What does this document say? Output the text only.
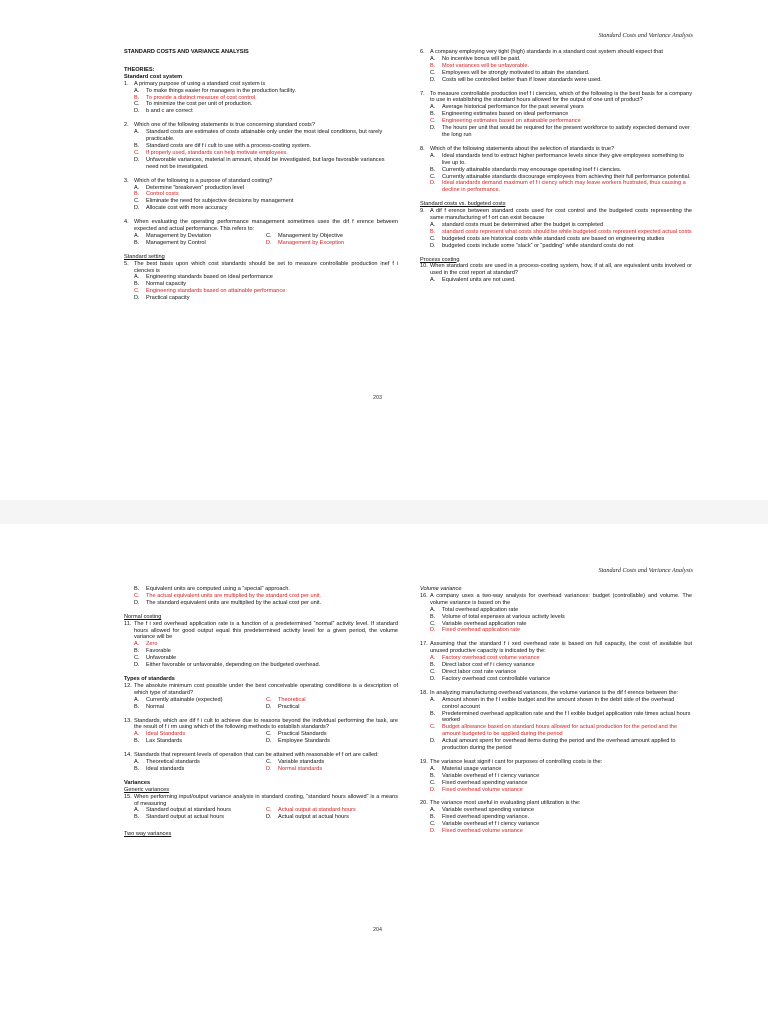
Standard Costs and Variance Analysis
STANDARD COSTS AND VARIANCE ANALYSIS
THEORIES:
Standard cost system
1. A primary purpose of using a standard cost system is
A. To make things easier for managers in the production facility.
B. To provide a distinct measure of cost control.
C. To minimize the cost per unit of production.
D. b and c are correct
2. Which one of the following statements is true concerning standard costs?
A. Standard costs are estimates of costs attainable only under the most ideal conditions, but rarely practicable.
B. Standard costs are dif f i cult to use with a process-costing system.
C. If properly used, standards can help motivate employees.
D. Unfavorable variances, material in amount, should be investigated, but large favorable variances need not be investigated.
3. Which of the following is a purpose of standard costing?
A. Determine “breakeven” production level
B. Control costs
C. Eliminate the need for subjective decisions by management
D. Allocate cost with more accuracy
4. When evaluating the operating performance management sometimes uses the dif f erence between expected and actual performance. This refers to:
A. Management by Deviation	C. Management by Objective
B. Management by Control	D. Management by Exception
Standard setting
5. The best basis upon which cost standards should be set to measure controllable production inef f i ciencies is
A. Engineering standards based on ideal performance
B. Normal capacity
C. Engineering standards based on attainable performance
D. Practical capacity
6. A company employing very tight (high) standards in a standard cost system should expect that
A. No incentive bonus will be paid.
B. Most variances will be unfavorable.
C. Employees will be strongly motivated to attain the standard.
D. Costs will be controlled better than if lower standards were used.
7. To measure controllable production inef f i ciencies, which of the following is the best basis for a company to use in establishing the standard hours allowed for the output of one unit of product?
A. Average historical performance for the past several years
B. Engineering estimates based on ideal performance
C. Engineering estimates based on attainable performance
D. The hours per unit that would be required for the present workforce to satisfy expected demand over the long run
8. Which of the following statements about the selection of standards is true?
A. Ideal standards tend to extract higher performance levels since they give employees something to live up to.
B. Currently attainable standards may encourage operating inef f i ciencies.
C. Currently attainable standards discourage employees from achieving their full performance potential.
D. Ideal standards demand maximum ef f i ciency which may leave workers frustrated, thus causing a decline in performance.
Standard costs vs. budgeted costs
9. A dif f erence between standard costs used for cost control and the budgeted costs representing the same manufacturing ef f ort can exist because
A. standard costs must be determined after the budget is completed
B. standard costs represent what costs should be while budgeted costs represent expected actual costs
C. budgeted costs are historical costs while standard costs are based on engineering studies
D. budgeted costs include some “slack” or “padding” while standard costs do not
Process costing
10. When standard costs are used in a process-costing system, how, if at all, are equivalent units involved or used in the cost report at standard?
A. Equivalent units are not used.
203
Standard Costs and Variance Analysis
B. Equivalent units are computed using a “special” approach.
C. The actual equivalent units are multiplied by the standard cost per unit.
D. The standard equivalent units are multiplied by the actual cost per unit.
Normal costing
11. The f i xed overhead application rate is a function of a predetermined “normal” activity level. If standard hours allowed for good output equal this predetermined activity level for a given period, the volume variance will be
A. Zero
B. Favorable
C. Unfavorable
D. Either favorable or unfavorable, depending on the budgeted overhead.
Types of standards
12. The absolute minimum cost possible under the best conceivable operating conditions is a description of which type of standard?
A. Currently attainable (expected)	C. Theoretical
B. Normal	D. Practical
13. Standards, which are dif f i cult to achieve due to reasons beyond the individual performing the task, are the result of f i rm using which of the following methods to establish standards?
A. Ideal Standards	C. Practical Standards
B. Lax Standards	D. Employee Standards
14. Standards that represent levels of operation that can be attained with reasonable ef f ort are called:
A. Theoretical standards	C. Variable standards
B. Ideal standards	D. Normal standards
Variances
Generic variances
15. When performing input/output variance analysis in standard costing, “standard hours allowed” is a means of measuring
A. Standard output at standard hours	C. Actual output at standard hours
B. Standard output at actual hours	D. Actual output at actual hours
Two way variances
Volume variance
16. A company uses a two-way analysis for overhead variances: budget (controllable) and volume. The volume variance is based on the
A. Total overhead application rate
B. Volume of total expenses at various activity levels
C. Variable overhead application rate
D. Fixed overhead application rate
17. Assuming that the standard f i xed overhead rate is based on full capacity, the cost of available but unused productive capacity is indicated by the:
A. Factory overhead cost volume variance
B. Direct labor cost ef f i ciency variance
C. Direct labor cost rate variance
D. Factory overhead cost controllable variance
18. In analyzing manufacturing overhead variances, the volume variance is the dif f erence between the:
A. Amount shown in the f l exible budget and the amount shown in the debit side of the overhead control account
B. Predetermined overhead application rate and the f l exible budget application rate times actual hours worked
C. Budget allowance based on standard hours allowed for actual production for the period and the amount budgeted to be applied during the period
D. Actual amount spent for overhead items during the period and the overhead amount applied to production during the period
19. The variance least signif i cant for purposes of controlling costs is the:
A. Material usage variance
B. Variable overhead ef f i ciency variance
C. Fixed overhead spending variance
D. Fixed overhead volume variance
20. The variance most useful in evaluating plant utilization is the:
A. Variable overhead spending variance
B. Fixed overhead spending variance.
C. Variable overhead ef f i ciency variance
D. Fixed overhead volume variance
204
